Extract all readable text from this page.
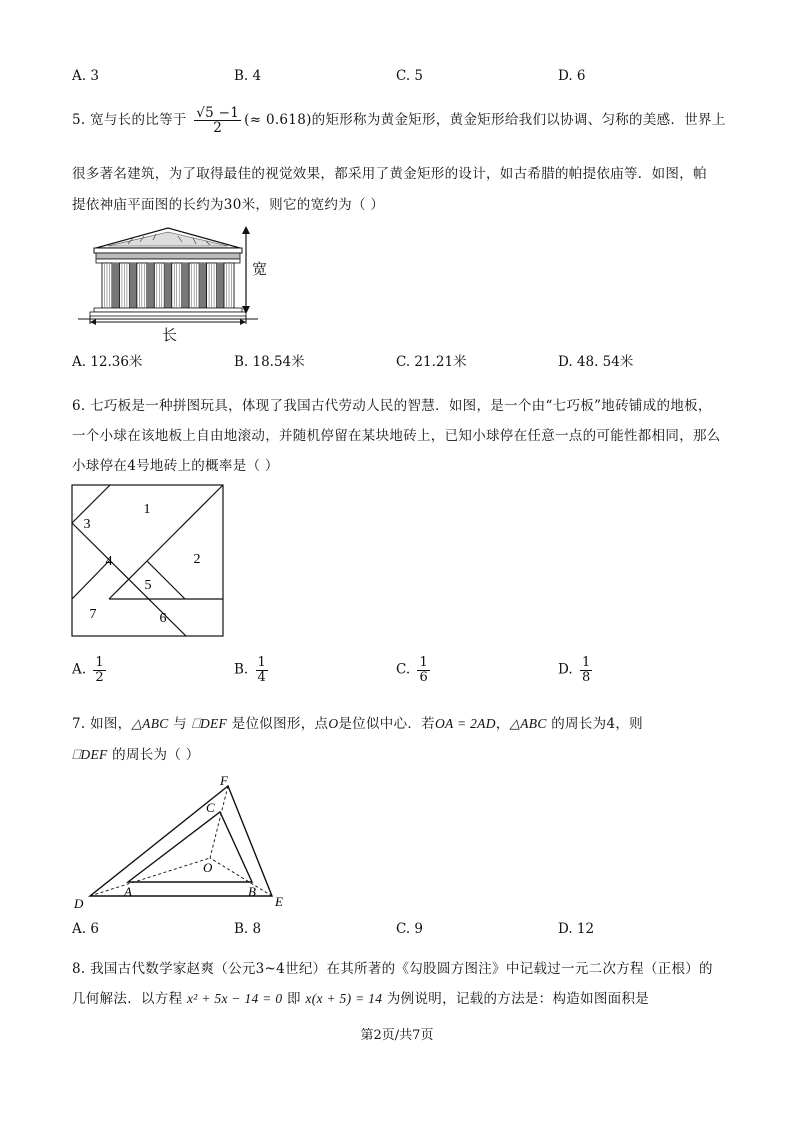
A. 3	B. 4	C. 5	D. 6
5. 宽与长的比等于 $\frac{√5 -1}{2}$ (≈ 0.618)的矩形称为黄金矩形，黄金矩形给我们以协调、匀称的美感．世界上
很多著名建筑，为了取得最佳的视觉效果，都采用了黄金矩形的设计，如古希腊的帕提依庙等．如图，帕
提依神庙平面图的长约为30米，则它的宽约为（ ）
宽
长
A. 12.36米	B. 18.54米	C. 21.21米	D. 48. 54米
6. 七巧板是一种拼图玩具，体现了我国古代劳动人民的智慧．如图，是一个由“七巧板”地砖铺成的地板，
一个小球在该地板上自由地滚动，并随机停留在某块地砖上，已知小球停在任意一点的可能性都相同，那么
小球停在4号地砖上的概率是（ ）
1
2
3
4
5
6
7
A. $\frac{1}{2}$	B. $\frac{1}{4}$	C. $\frac{1}{6}$	D. $\frac{1}{8}$
7. 如图，△ABC 与 ⎕DEF 是位似图形，点O是位似中心．若OA = 2AD，△ABC 的周长为4，则
⎕DEF 的周长为（ ）
F
C
O
A	B
D	E
A. 6	B. 8	C. 9	D. 12
8. 我国古代数学家赵爽（公元3~4世纪）在其所著的《勾股圆方图注》中记载过一元二次方程（正根）的
几何解法．以方程 x² + 5x − 14 = 0 即 x(x + 5) = 14 为例说明，记载的方法是：构造如图面积是
第2页/共7页
